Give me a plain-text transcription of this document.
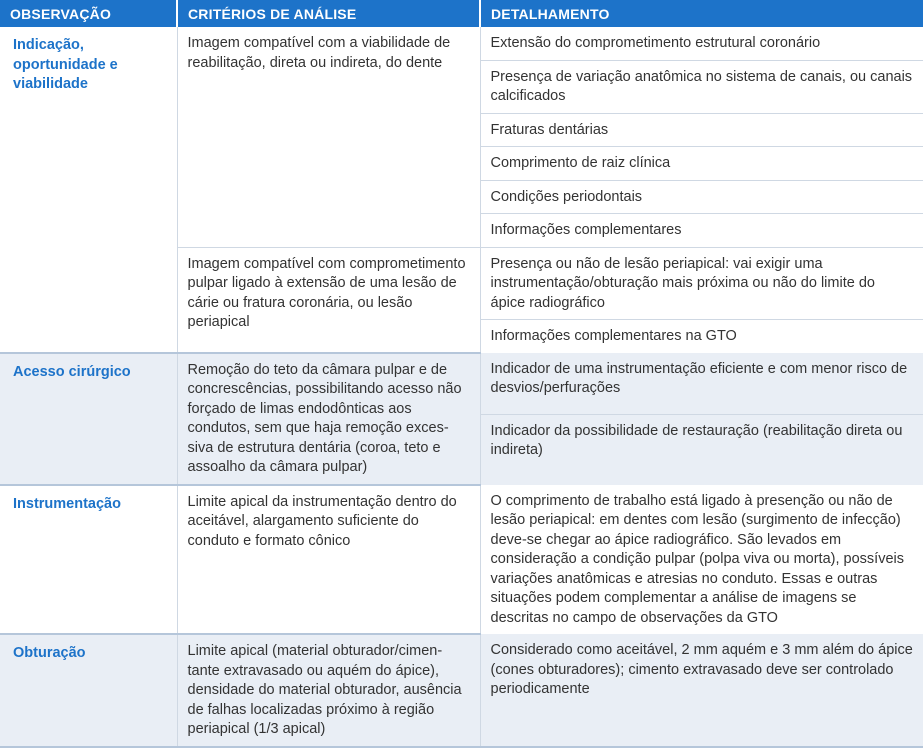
OBSERVAÇÃO	CRITÉRIOS DE ANÁLISE	DETALHAMENTO
Indicação, oportunidade e viabilidade	Imagem compatível com a viabilidade de reabilitação, direta ou indireta, do dente	Extensão do comprometimento estrutural coronário
		Presença de variação anatômica no sistema de canais, ou canais calcificados
		Fraturas dentárias
		Comprimento de raiz clínica
		Condições periodontais
		Informações complementares
	Imagem compatível com comprometimento pulpar ligado à extensão de uma lesão de cárie ou fratura coronária, ou lesão periapical	Presença ou não de lesão periapical: vai exigir uma instrumentação/obturação mais próxima ou não do limite do ápice radiográfico
		Informações complementares na GTO
Acesso cirúrgico	Remoção do teto da câmara pulpar e de concrescências, possibilitando acesso não forçado de limas endodônticas aos condutos, sem que haja remoção excessiva de estrutura dentária (coroa, teto e assoalho da câmara pulpar)	Indicador de uma instrumentação eficiente e com menor risco de desvios/perfurações
		Indicador da possibilidade de restauração (reabilitação direta ou indireta)
Instrumentação	Limite apical da instrumentação dentro do aceitável, alargamento suficiente do conduto e formato cônico	O comprimento de trabalho está ligado à presenção ou não de lesão periapical: em dentes com lesão (surgimento de infecção) deve-se chegar ao ápice radiográfico. São levados em consideração a condição pulpar (polpa viva ou morta), possíveis variações anatômicas e atresias no conduto. Essas e outras situações podem complementar a análise de imagens se descritas no campo de observações da GTO
Obturação	Limite apical (material obturador/cimentante extravasado ou aquém do ápice), densidade do material obturador, ausência de falhas localizadas próximo à região periapical (1/3 apical)	Considerado como aceitável, 2 mm aquém e 3 mm além do ápice (cones obturadores); cimento extravasado deve ser controlado periodicamente
